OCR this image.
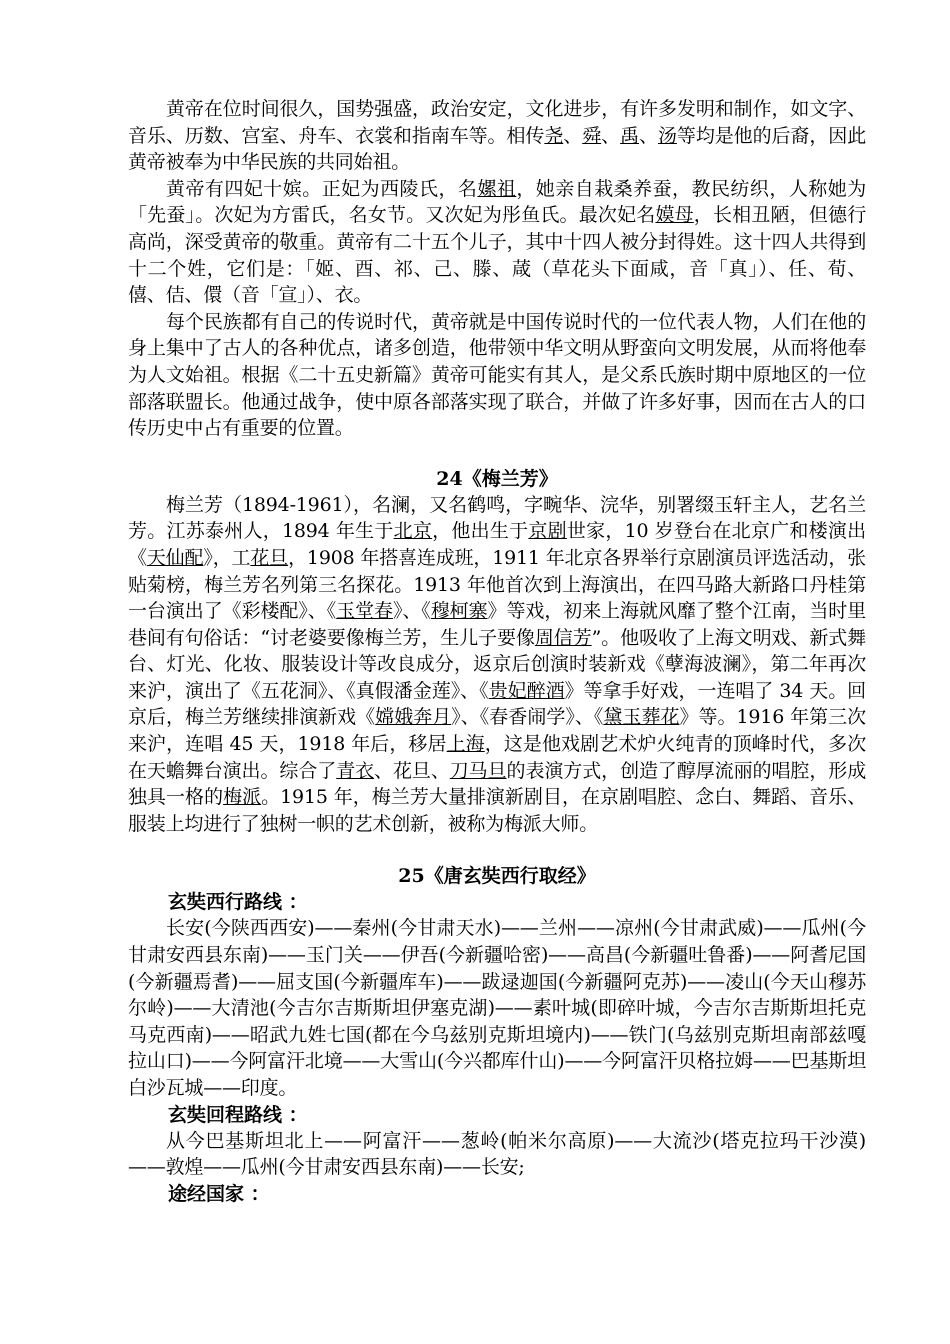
黄帝在位时间很久，国势强盛，政治安定，文化进步，有许多发明和制作，如文字、音乐、历数、宫室、舟车、衣裳和指南车等。相传尧、舜、禹、汤等均是他的后裔，因此黄帝被奉为中华民族的共同始祖。

黄帝有四妃十嫔。正妃为西陵氏，名嫘祖，她亲自栽桑养蚕，教民纺织，人称她为「先蚕」。次妃为方雷氏，名女节。又次妃为彤鱼氏。最次妃名嫫母，长相丑陋，但德行高尚，深受黄帝的敬重。黄帝有二十五个儿子，其中十四人被分封得姓。这十四人共得到十二个姓，它们是：「姬、酉、祁、己、滕、葴（草花头下面咸，音「真」）、任、荀、僖、佶、儇（音「宣」）、衣。

每个民族都有自己的传说时代，黄帝就是中国传说时代的一位代表人物，人们在他的身上集中了古人的各种优点，诸多创造，他带领中华文明从野蛮向文明发展，从而将他奉为人文始祖。根据《二十五史新篇》黄帝可能实有其人，是父系氏族时期中原地区的一位部落联盟长。他通过战争，使中原各部落实现了联合，并做了许多好事，因而在古人的口传历史中占有重要的位置。

24《梅兰芳》

梅兰芳（1894-1961），名澜，又名鹤鸣，字畹华、浣华，别署缀玉轩主人，艺名兰芳。江苏泰州人，1894 年生于北京，他出生于京剧世家，10 岁登台在北京广和楼演出《天仙配》，工花旦，1908 年搭喜连成班，1911 年北京各界举行京剧演员评选活动，张贴菊榜，梅兰芳名列第三名探花。1913 年他首次到上海演出，在四马路大新路口丹桂第一台演出了《彩楼配》、《玉堂春》、《穆柯寨》等戏，初来上海就风靡了整个江南，当时里巷间有句俗话：“讨老婆要像梅兰芳，生儿子要像周信芳”。他吸收了上海文明戏、新式舞台、灯光、化妆、服装设计等改良成分，返京后创演时装新戏《孽海波澜》，第二年再次来沪，演出了《五花洞》、《真假潘金莲》、《贵妃醉酒》等拿手好戏，一连唱了 34 天。回京后，梅兰芳继续排演新戏《嫦娥奔月》、《春香闹学》、《黛玉葬花》等。1916 年第三次来沪，连唱 45 天，1918 年后，移居上海，这是他戏剧艺术炉火纯青的顶峰时代，多次在天蟾舞台演出。综合了青衣、花旦、刀马旦的表演方式，创造了醇厚流丽的唱腔，形成独具一格的梅派。1915 年，梅兰芳大量排演新剧目，在京剧唱腔、念白、舞蹈、音乐、服装上均进行了独树一帜的艺术创新，被称为梅派大师。

25《唐玄奘西行取经》
玄奘西行路线 ：

长安(今陕西西安)——秦州(今甘肃天水)——兰州——凉州(今甘肃武威)——瓜州(今甘肃安西县东南)——玉门关——伊吾(今新疆哈密)——高昌(今新疆吐鲁番)——阿耆尼国(今新疆焉耆)——屈支国(今新疆库车)——跋逯迦国(今新疆阿克苏)——凌山(今天山穆苏尔岭)——大清池(今吉尔吉斯斯坦伊塞克湖)——素叶城(即碎叶城，今吉尔吉斯斯坦托克马克西南)——昭武九姓七国(都在今乌兹别克斯坦境内)——铁门(乌兹别克斯坦南部兹嘎拉山口)——今阿富汗北境——大雪山(今兴都库什山)——今阿富汗贝格拉姆——巴基斯坦白沙瓦城——印度。

玄奘回程路线 ：

从今巴基斯坦北上——阿富汗——葱岭(帕米尔高原)——大流沙(塔克拉玛干沙漠)——敦煌——瓜州(今甘肃安西县东南)——长安;

途经国家 ：
